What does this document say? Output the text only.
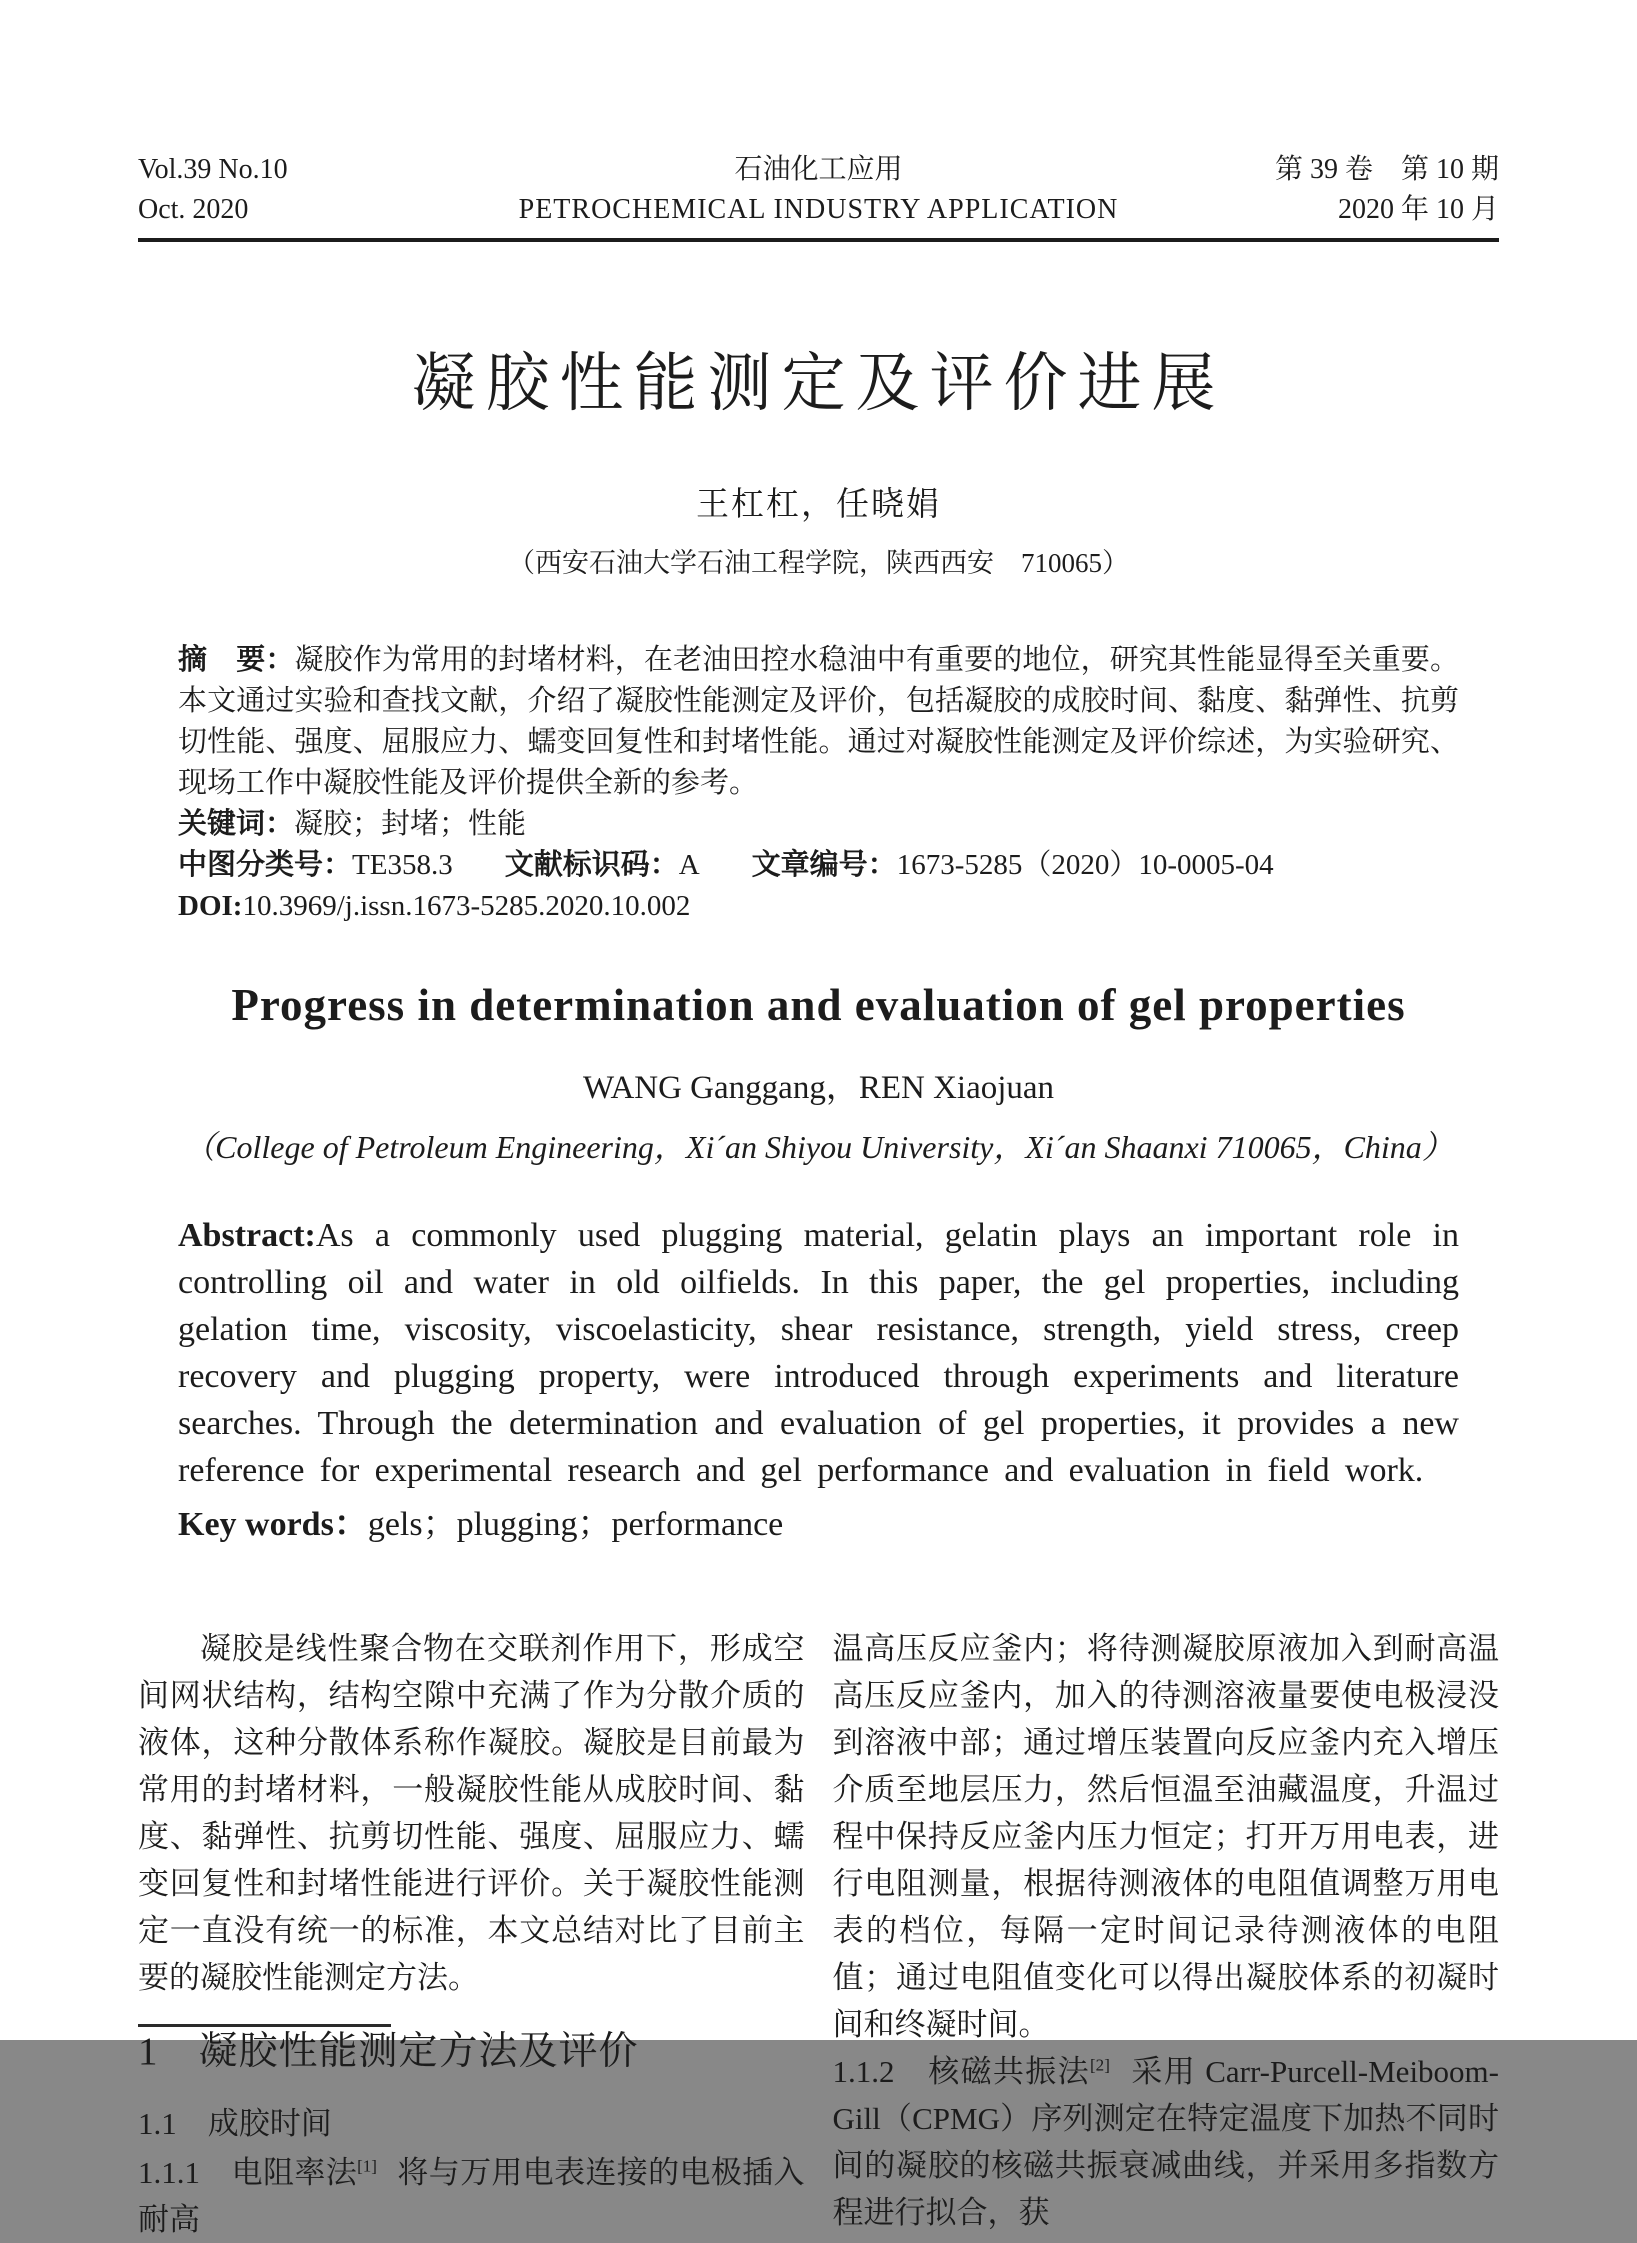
Vol.39 No.10
Oct. 2020
石油化工应用
PETROCHEMICAL INDUSTRY APPLICATION
第 39 卷　第 10 期
2020 年 10 月
凝胶性能测定及评价进展
王杠杠，任晓娟
（西安石油大学石油工程学院，陕西西安　710065）

摘　要：凝胶作为常用的封堵材料，在老油田控水稳油中有重要的地位，研究其性能显得至关重要。本文通过实验和查找文献，介绍了凝胶性能测定及评价，包括凝胶的成胶时间、黏度、黏弹性、抗剪切性能、强度、屈服应力、蠕变回复性和封堵性能。通过对凝胶性能测定及评价综述，为实验研究、现场工作中凝胶性能及评价提供全新的参考。

关键词：凝胶；封堵；性能

中图分类号：TE358.3 文献标识码：A 文章编号：1673-5285（2020）10-0005-04

DOI:10.3969/j.issn.1673-5285.2020.10.002

Progress in determination and evaluation of gel properties
WANG Ganggang，REN Xiaojuan
（College of Petroleum Engineering，Xi´an Shiyou University，Xi´an Shaanxi 710065，China）

Abstract:As a commonly used plugging material, gelatin plays an important role in controlling oil and water in old oilfields. In this paper, the gel properties, including gelation time, viscosity, viscoelasticity, shear resistance, strength, yield stress, creep recovery and plugging property, were introduced through experiments and literature searches. Through the determination and evaluation of gel properties, it provides a new reference for experimental research and gel performance and evaluation in field work.

Key words：gels；plugging；performance

凝胶是线性聚合物在交联剂作用下，形成空间网状结构，结构空隙中充满了作为分散介质的液体，这种分散体系称作凝胶。凝胶是目前最为常用的封堵材料，一般凝胶性能从成胶时间、黏度、黏弹性、抗剪切性能、强度、屈服应力、蠕变回复性和封堵性能进行评价。关于凝胶性能测定一直没有统一的标准，本文总结对比了目前主要的凝胶性能测定方法。

1　凝胶性能测定方法及评价
1.1　成胶时间

1.1.1　电阻率法[1] 将与万用电表连接的电极插入耐高

温高压反应釜内；将待测凝胶原液加入到耐高温高压反应釜内，加入的待测溶液量要使电极浸没到溶液中部；通过增压装置向反应釜内充入增压介质至地层压力，然后恒温至油藏温度，升温过程中保持反应釜内压力恒定；打开万用电表，进行电阻测量，根据待测液体的电阻值调整万用电表的档位，每隔一定时间记录待测液体的电阻值；通过电阻值变化可以得出凝胶体系的初凝时间和终凝时间。

1.1.2　核磁共振法[2] 采用 Carr-Purcell-Meiboom-Gill（CPMG）序列测定在特定温度下加热不同时间的凝胶的核磁共振衰减曲线，并采用多指数方程进行拟合，获
